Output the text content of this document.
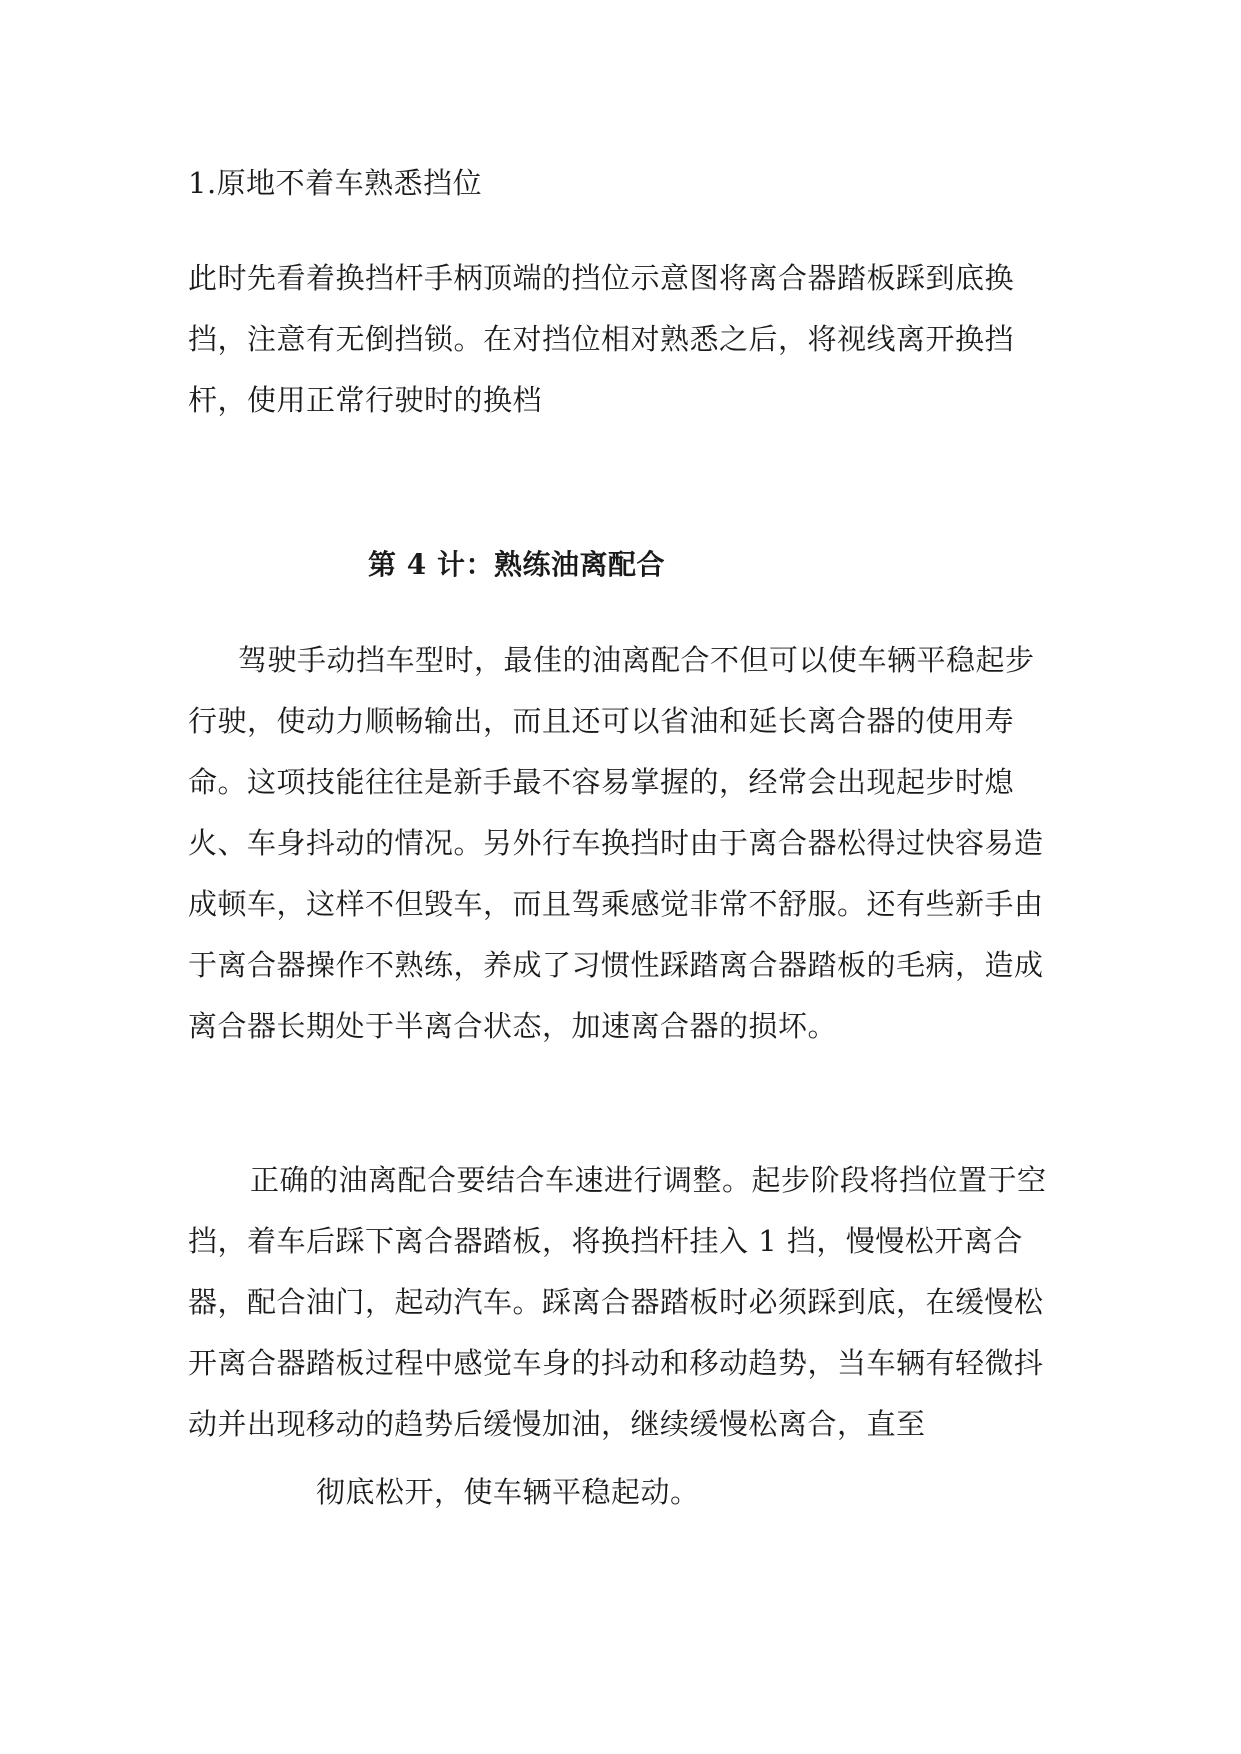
1.原地不着车熟悉挡位

此时先看着换挡杆手柄顶端的挡位示意图将离合器踏板踩到底换挡，注意有无倒挡锁。在对挡位相对熟悉之后，将视线离开换挡杆，使用正常行驶时的换档

第 4 计：熟练油离配合

驾驶手动挡车型时，最佳的油离配合不但可以使车辆平稳起步行驶，使动力顺畅输出，而且还可以省油和延长离合器的使用寿命。这项技能往往是新手最不容易掌握的，经常会出现起步时熄火、车身抖动的情况。另外行车换挡时由于离合器松得过快容易造成顿车，这样不但毁车，而且驾乘感觉非常不舒服。还有些新手由于离合器操作不熟练，养成了习惯性踩踏离合器踏板的毛病，造成离合器长期处于半离合状态，加速离合器的损坏。

正确的油离配合要结合车速进行调整。起步阶段将挡位置于空挡，着车后踩下离合器踏板，将换挡杆挂入 1 挡，慢慢松开离合器，配合油门，起动汽车。踩离合器踏板时必须踩到底，在缓慢松开离合器踏板过程中感觉车身的抖动和移动趋势，当车辆有轻微抖动并出现移动的趋势后缓慢加油，继续缓慢松离合，直至

彻底松开，使车辆平稳起动。
